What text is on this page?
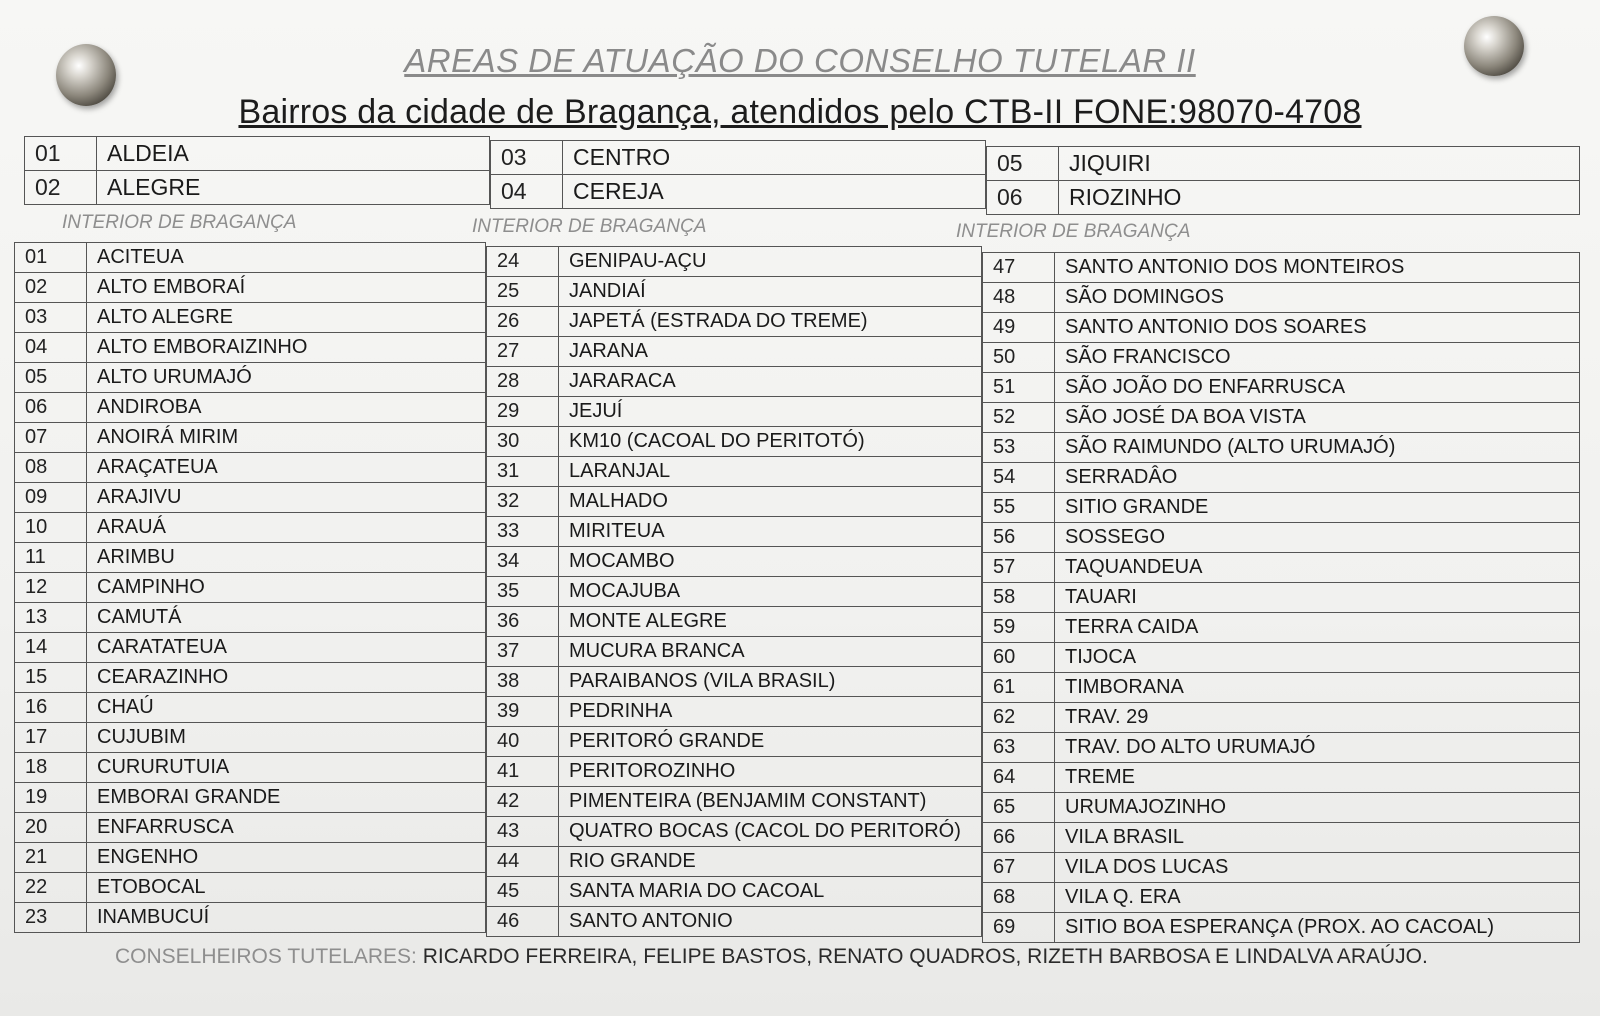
AREAS DE ATUAÇÃO DO CONSELHO TUTELAR II
Bairros da cidade de Bragança, atendidos pelo CTB-II FONE:98070-4708
01	ALDEIA
02	ALEGRE
03	CENTRO
04	CEREJA
05	JIQUIRI
06	RIOZINHO
INTERIOR DE BRAGANÇA	INTERIOR DE BRAGANÇA	INTERIOR DE BRAGANÇA
01	ACITEUA
02	ALTO EMBORAÍ
03	ALTO ALEGRE
04	ALTO EMBORAIZINHO
05	ALTO URUMAJÓ
06	ANDIROBA
07	ANOIRÁ MIRIM
08	ARAÇATEUA
09	ARAJIVU
10	ARAUÁ
11	ARIMBU
12	CAMPINHO
13	CAMUTÁ
14	CARATATEUA
15	CEARAZINHO
16	CHAÚ
17	CUJUBIM
18	CURURUTUIA
19	EMBORAI GRANDE
20	ENFARRUSCA
21	ENGENHO
22	ETOBOCAL
23	INAMBUCUÍ
24	GENIPAU-AÇU
25	JANDIAÍ
26	JAPETÁ (ESTRADA DO TREME)
27	JARANA
28	JARARACA
29	JEJUÍ
30	KM10 (CACOAL DO PERITOTÓ)
31	LARANJAL
32	MALHADO
33	MIRITEUA
34	MOCAMBO
35	MOCAJUBA
36	MONTE ALEGRE
37	MUCURA BRANCA
38	PARAIBANOS (VILA BRASIL)
39	PEDRINHA
40	PERITORÓ GRANDE
41	PERITOROZINHO
42	PIMENTEIRA (BENJAMIM CONSTANT)
43	QUATRO BOCAS (CACOL DO PERITORÓ)
44	RIO GRANDE
45	SANTA MARIA DO CACOAL
46	SANTO ANTONIO
47	SANTO ANTONIO DOS MONTEIROS
48	SÃO DOMINGOS
49	SANTO ANTONIO DOS SOARES
50	SÃO FRANCISCO
51	SÃO JOÃO DO ENFARRUSCA
52	SÃO JOSÉ DA BOA VISTA
53	SÃO RAIMUNDO (ALTO URUMAJÓ)
54	SERRADÂO
55	SITIO GRANDE
56	SOSSEGO
57	TAQUANDEUA
58	TAUARI
59	TERRA CAIDA
60	TIJOCA
61	TIMBORANA
62	TRAV. 29
63	TRAV. DO ALTO URUMAJÓ
64	TREME
65	URUMAJOZINHO
66	VILA BRASIL
67	VILA DOS LUCAS
68	VILA Q. ERA
69	SITIO BOA ESPERANÇA (PROX. AO CACOAL)
CONSELHEIROS TUTELARES: RICARDO FERREIRA, FELIPE BASTOS, RENATO QUADROS, RIZETH BARBOSA E LINDALVA ARAÚJO.
